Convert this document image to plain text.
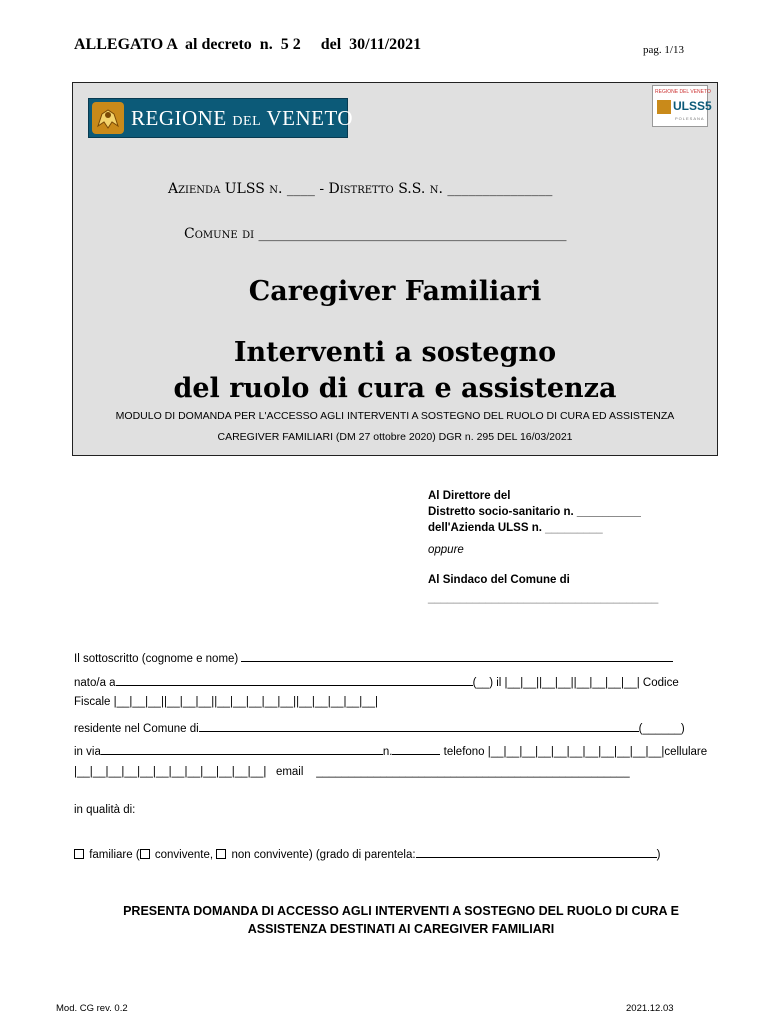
ALLEGATO A  al decreto  n.  5 2     del  30/11/2021	pag. 1/13
REGIONE DEL VENETO
REGIONE DEL VENETO
ULSS5
POLESANA
Azienda ULSS n. ____ - Distretto S.S. n. _______________
Comune di ____________________________________________
Caregiver Familiari
Interventi a sostegno
del ruolo di cura e assistenza
MODULO DI DOMANDA PER L'ACCESSO AGLI INTERVENTI A SOSTEGNO DEL RUOLO DI CURA ED ASSISTENZA
CAREGIVER FAMILIARI (DM 27 ottobre 2020) DGR n. 295 DEL 16/03/2021
Al Direttore del
Distretto socio-sanitario n. __________
dell'Azienda ULSS n. _________
oppure
Al Sindaco del Comune di
____________________________________
Il sottoscritto (cognome e nome)
nato/a a	(__) il |__|__||__|__||__|__|__|__| Codice
Fiscale |__|__|__||__|__|__||__|__|__|__|__||__|__|__|__|__|
residente nel Comune di	(______)
in via	n.	telefono |__|__|__|__|__|__|__|__|__|__|__|cellulare
|__|__|__|__|__|__|__|__|__|__|__|__| email _________________________________________________
in qualità di:
familiare ( convivente,  non convivente) (grado di parentela:	)
PRESENTA DOMANDA DI ACCESSO AGLI INTERVENTI A SOSTEGNO DEL RUOLO DI CURA E
ASSISTENZA DESTINATI AI CAREGIVER FAMILIARI
Mod. CG rev. 0.2	2021.12.03
